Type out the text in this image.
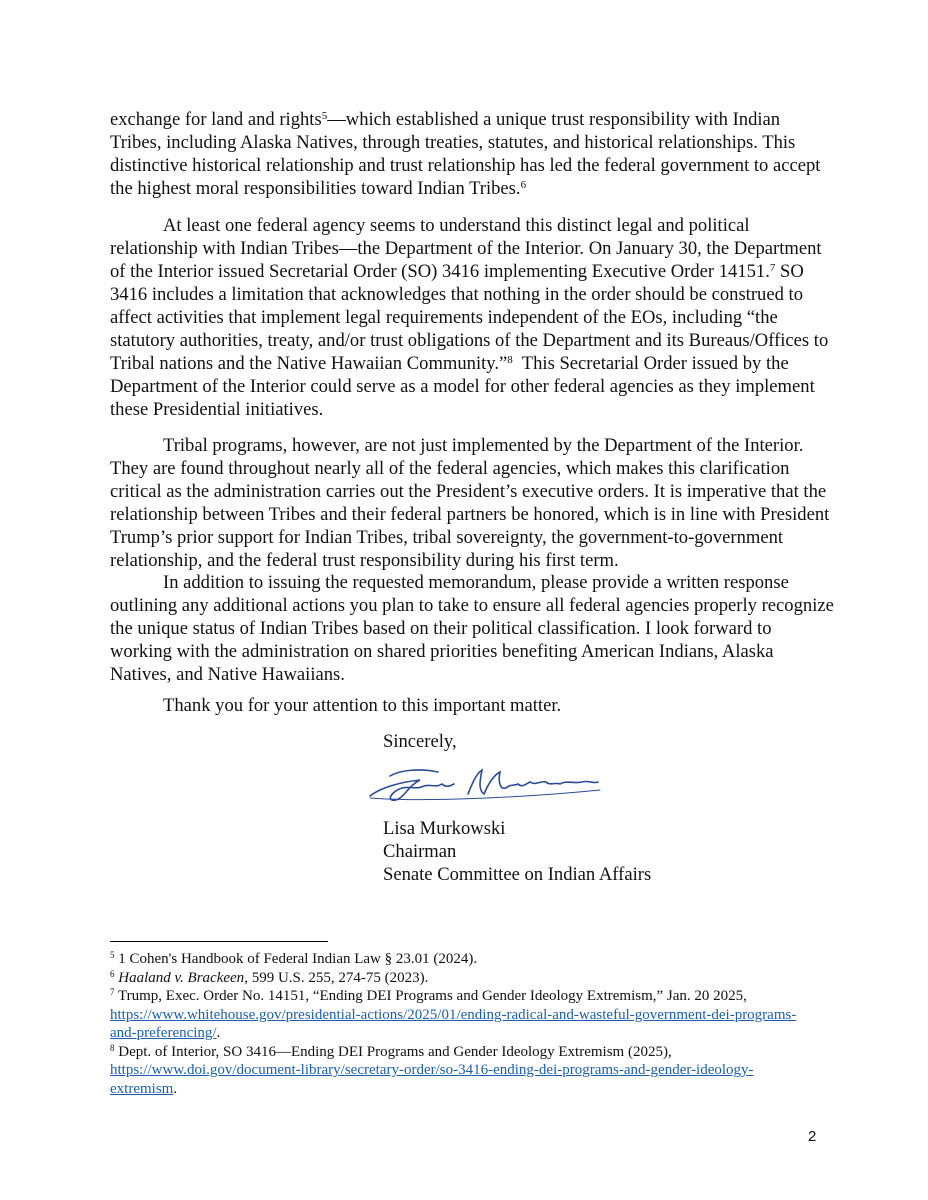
exchange for land and rights$^5$—which established a unique trust responsibility with Indian
Tribes, including Alaska Natives, through treaties, statutes, and historical relationships. This
distinctive historical relationship and trust relationship has led the federal government to accept
the highest moral responsibilities toward Indian Tribes.$^6$
At least one federal agency seems to understand this distinct legal and political
relationship with Indian Tribes—the Department of the Interior. On January 30, the Department
of the Interior issued Secretarial Order (SO) 3416 implementing Executive Order 14151.$^7$ SO
3416 includes a limitation that acknowledges that nothing in the order should be construed to
affect activities that implement legal requirements independent of the EOs, including “the
statutory authorities, treaty, and/or trust obligations of the Department and its Bureaus/Offices to
Tribal nations and the Native Hawaiian Community.”$^8$  This Secretarial Order issued by the
Department of the Interior could serve as a model for other federal agencies as they implement
these Presidential initiatives.
Tribal programs, however, are not just implemented by the Department of the Interior.
They are found throughout nearly all of the federal agencies, which makes this clarification
critical as the administration carries out the President’s executive orders. It is imperative that the
relationship between Tribes and their federal partners be honored, which is in line with President
Trump’s prior support for Indian Tribes, tribal sovereignty, the government-to-government
relationship, and the federal trust responsibility during his first term.
In addition to issuing the requested memorandum, please provide a written response
outlining any additional actions you plan to take to ensure all federal agencies properly recognize
the unique status of Indian Tribes based on their political classification. I look forward to
working with the administration on shared priorities benefiting American Indians, Alaska
Natives, and Native Hawaiians.
Thank you for your attention to this important matter.
Sincerely,
Lisa Murkowski
Chairman
Senate Committee on Indian Affairs
$^5$ 1 Cohen's Handbook of Federal Indian Law § 23.01 (2024).
$^6$ Haaland v. Brackeen, 599 U.S. 255, 274-75 (2023).
$^7$ Trump, Exec. Order No. 14151, “Ending DEI Programs and Gender Ideology Extremism,” Jan. 20 2025,
https://www.whitehouse.gov/presidential-actions/2025/01/ending-radical-and-wasteful-government-dei-programs-
and-preferencing/.
$^8$ Dept. of Interior, SO 3416—Ending DEI Programs and Gender Ideology Extremism (2025),
https://www.doi.gov/document-library/secretary-order/so-3416-ending-dei-programs-and-gender-ideology-
extremism.
2
